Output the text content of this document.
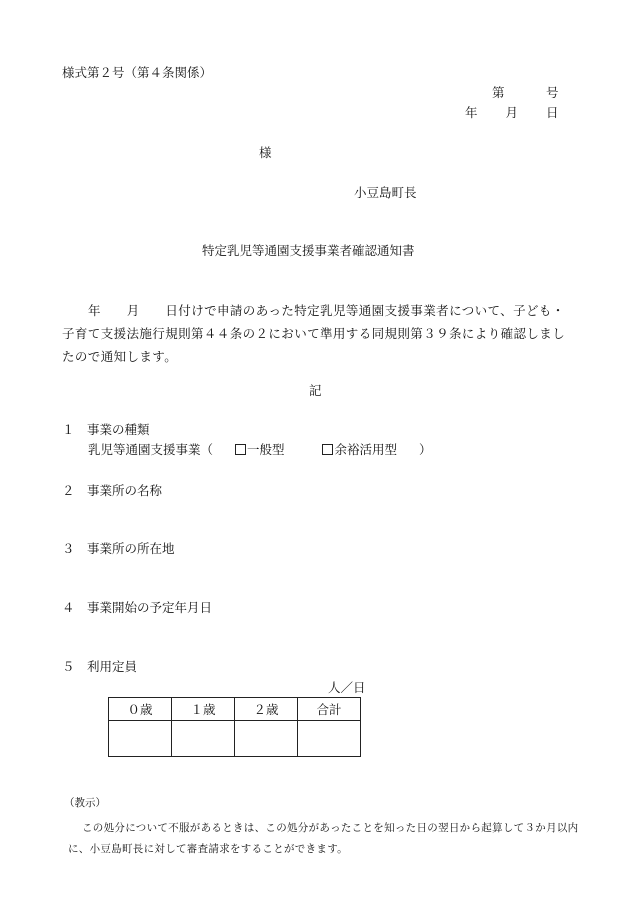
様式第２号（第４条関係）
第　　　号
年　　月　　日
様
小豆島町長
特定乳児等通園支援事業者確認通知書
年　　月　　日付けで申請のあった特定乳児等通園支援事業者について、子ども・子育て支援法施行規則第４４条の２において準用する同規則第３９条により確認しましたので通知します。
記
１　事業の種類
乳児等通園支援事業（	一般型	余裕活用型 ）
２　事業所の名称
３　事業所の所在地
４　事業開始の予定年月日
５　利用定員
人／日
０歳	１歳	２歳	合計

（教示）
この処分について不服があるときは、この処分があったことを知った日の翌日から起算して３か月以内に、小豆島町長に対して審査請求をすることができます。
